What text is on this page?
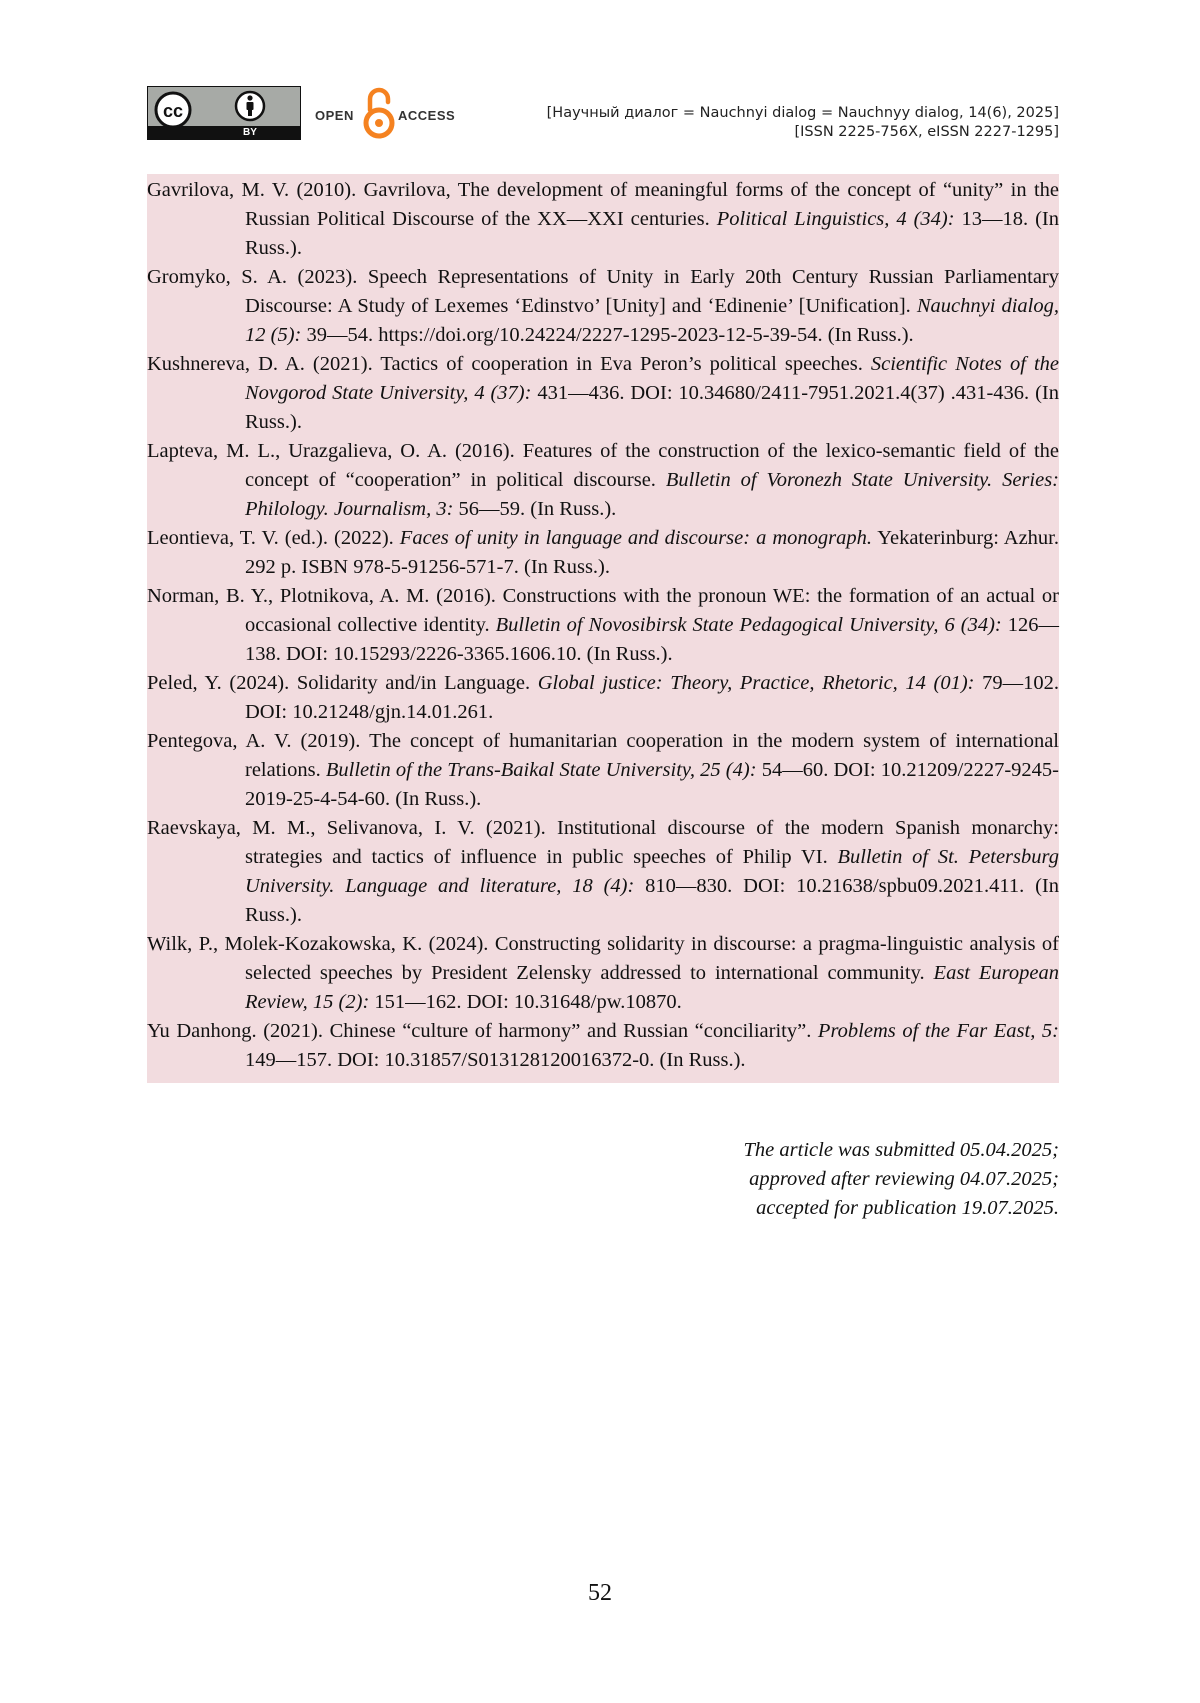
cc
BY
OPEN	ACCESS	[Научный диалог = Nauchnyi dialog = Nauchnyy dialog, 14(6), 2025]
[ISSN 2225-756X, eISSN 2227-1295]
Gavrilova, M. V. (2010). Gavrilova, The development of meaningful forms of the concept of “unity” in the Russian Political Discourse of the XX—XXI centuries. Political Linguistics, 4 (34): 13—18. (In Russ.).
Gromyko, S. A. (2023). Speech Representations of Unity in Early 20th Century Russian Parliamentary Discourse: A Study of Lexemes ‘Edinstvo’ [Unity] and ‘Edinenie’ [Unification]. Nauchnyi dialog, 12 (5): 39—54. https://doi.org/10.24224/2227-1295-2023-12-5-39-54. (In Russ.).
Kushnereva, D. A. (2021). Tactics of cooperation in Eva Peron’s political speeches. Scientific Notes of the Novgorod State University, 4 (37): 431—436. DOI: 10.34680/2411-7951.2021.4(37) .431-436. (In Russ.).
Lapteva, M. L., Urazgalieva, O. A. (2016). Features of the construction of the lexico-semantic field of the concept of “cooperation” in political discourse. Bulletin of Voronezh State University. Series: Philology. Journalism, 3: 56—59. (In Russ.).
Leontieva, T. V. (ed.). (2022). Faces of unity in language and discourse: a monograph. Yekaterinburg: Azhur. 292 p. ISBN 978-5-91256-571-7. (In Russ.).
Norman, B. Y., Plotnikova, A. M. (2016). Constructions with the pronoun WE: the formation of an actual or occasional collective identity. Bulletin of Novosibirsk State Pedagogical University, 6 (34): 126—138. DOI: 10.15293/2226-3365.1606.10. (In Russ.).
Peled, Y. (2024). Solidarity and/in Language. Global justice: Theory, Practice, Rhetoric, 14 (01): 79—102. DOI: 10.21248/gjn.14.01.261.
Pentegova, A. V. (2019). The concept of humanitarian cooperation in the modern system of international relations. Bulletin of the Trans-Baikal State University, 25 (4): 54—60. DOI: 10.21209/2227-9245-2019-25-4-54-60. (In Russ.).
Raevskaya, M. M., Selivanova, I. V. (2021). Institutional discourse of the modern Spanish monarchy: strategies and tactics of influence in public speeches of Philip VI. Bulletin of St. Petersburg University. Language and literature, 18 (4): 810—830. DOI: 10.21638/spbu09.2021.411. (In Russ.).
Wilk, P., Molek-Kozakowska, K. (2024). Constructing solidarity in discourse: a pragma-linguistic analysis of selected speeches by President Zelensky addressed to international community. East European Review, 15 (2): 151—162. DOI: 10.31648/pw.10870.
Yu Danhong. (2021). Chinese “culture of harmony” and Russian “conciliarity”. Problems of the Far East, 5: 149—157. DOI: 10.31857/S013128120016372-0. (In Russ.).
The article was submitted 05.04.2025;
approved after reviewing 04.07.2025;
accepted for publication 19.07.2025.
52
